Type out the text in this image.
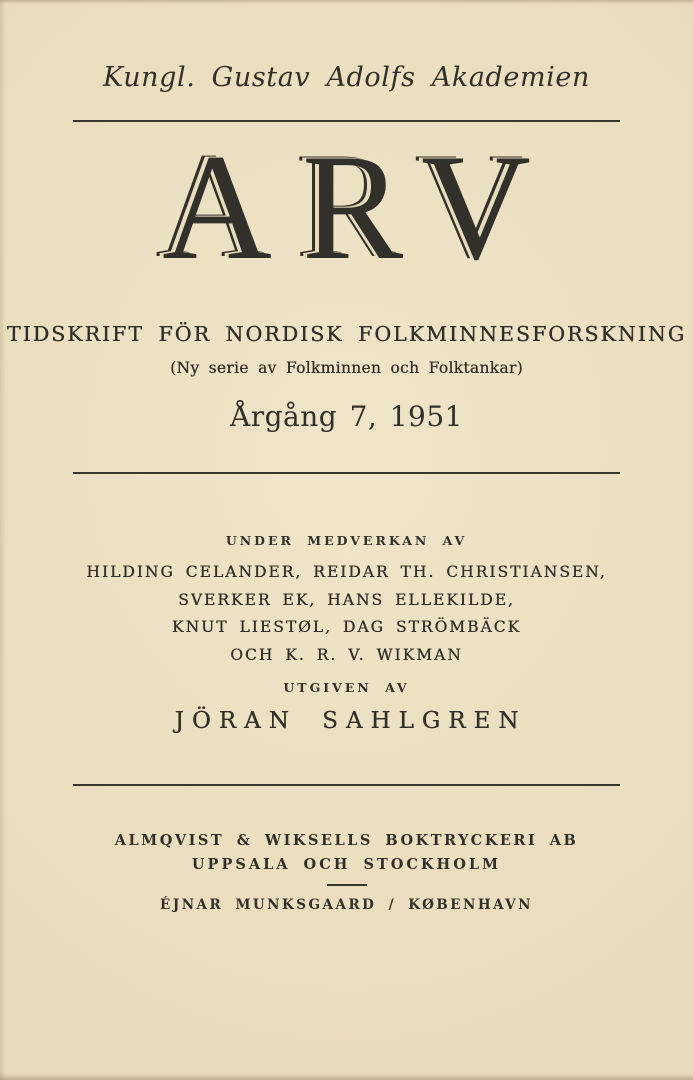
Kungl. Gustav Adolfs Akademien
ARV
TIDSKRIFT FÖR NORDISK FOLKMINNESFORSKNING
(Ny serie av Folkminnen och Folktankar)
Årgång 7, 1951
UNDER MEDVERKAN AV
HILDING CELANDER, REIDAR TH. CHRISTIANSEN,
SVERKER EK, HANS ELLEKILDE,
KNUT LIESTØL, DAG STRÖMBÄCK
OCH K. R. V. WIKMAN
UTGIVEN AV
JÖRAN SAHLGREN
ALMQVIST & WIKSELLS BOKTRYCKERI AB
UPPSALA OCH STOCKHOLM
ÉJNAR MUNKSGAARD / KØBENHAVN
